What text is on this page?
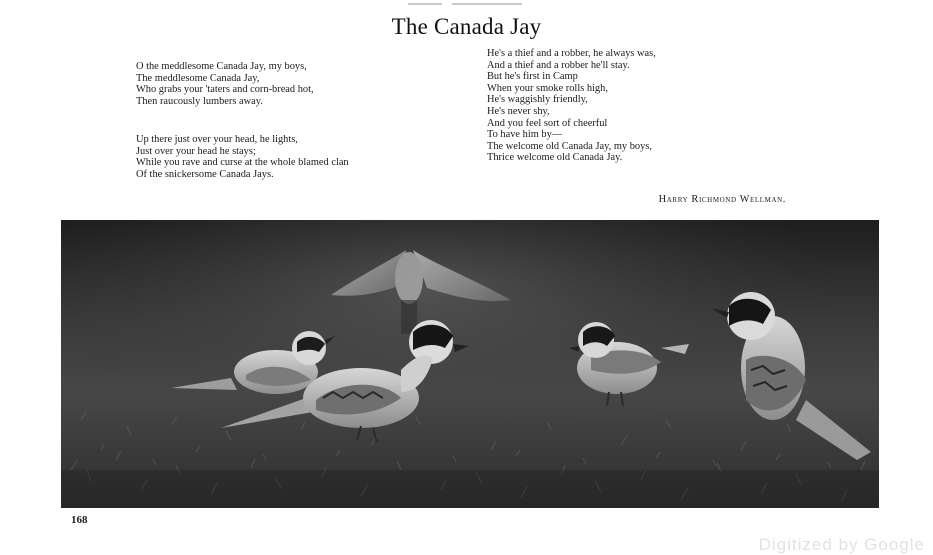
The Canada Jay
O the meddlesome Canada Jay, my boys,
The meddlesome Canada Jay,
Who grabs your 'taters and corn-bread hot,
Then raucously lumbers away.
Up there just over your head, he lights,
Just over your head he stays;
While you rave and curse at the whole blamed clan
Of the snickersome Canada Jays.
He's a thief and a robber, he always was,
And a thief and a robber he'll stay.
But he's first in Camp
When your smoke rolls high,
He's waggishly friendly,
He's never shy,
And you feel sort of cheerful
To have him by—
The welcome old Canada Jay, my boys,
Thrice welcome old Canada Jay.
Harry Richmond Wellman.
168
Digitized by Google
